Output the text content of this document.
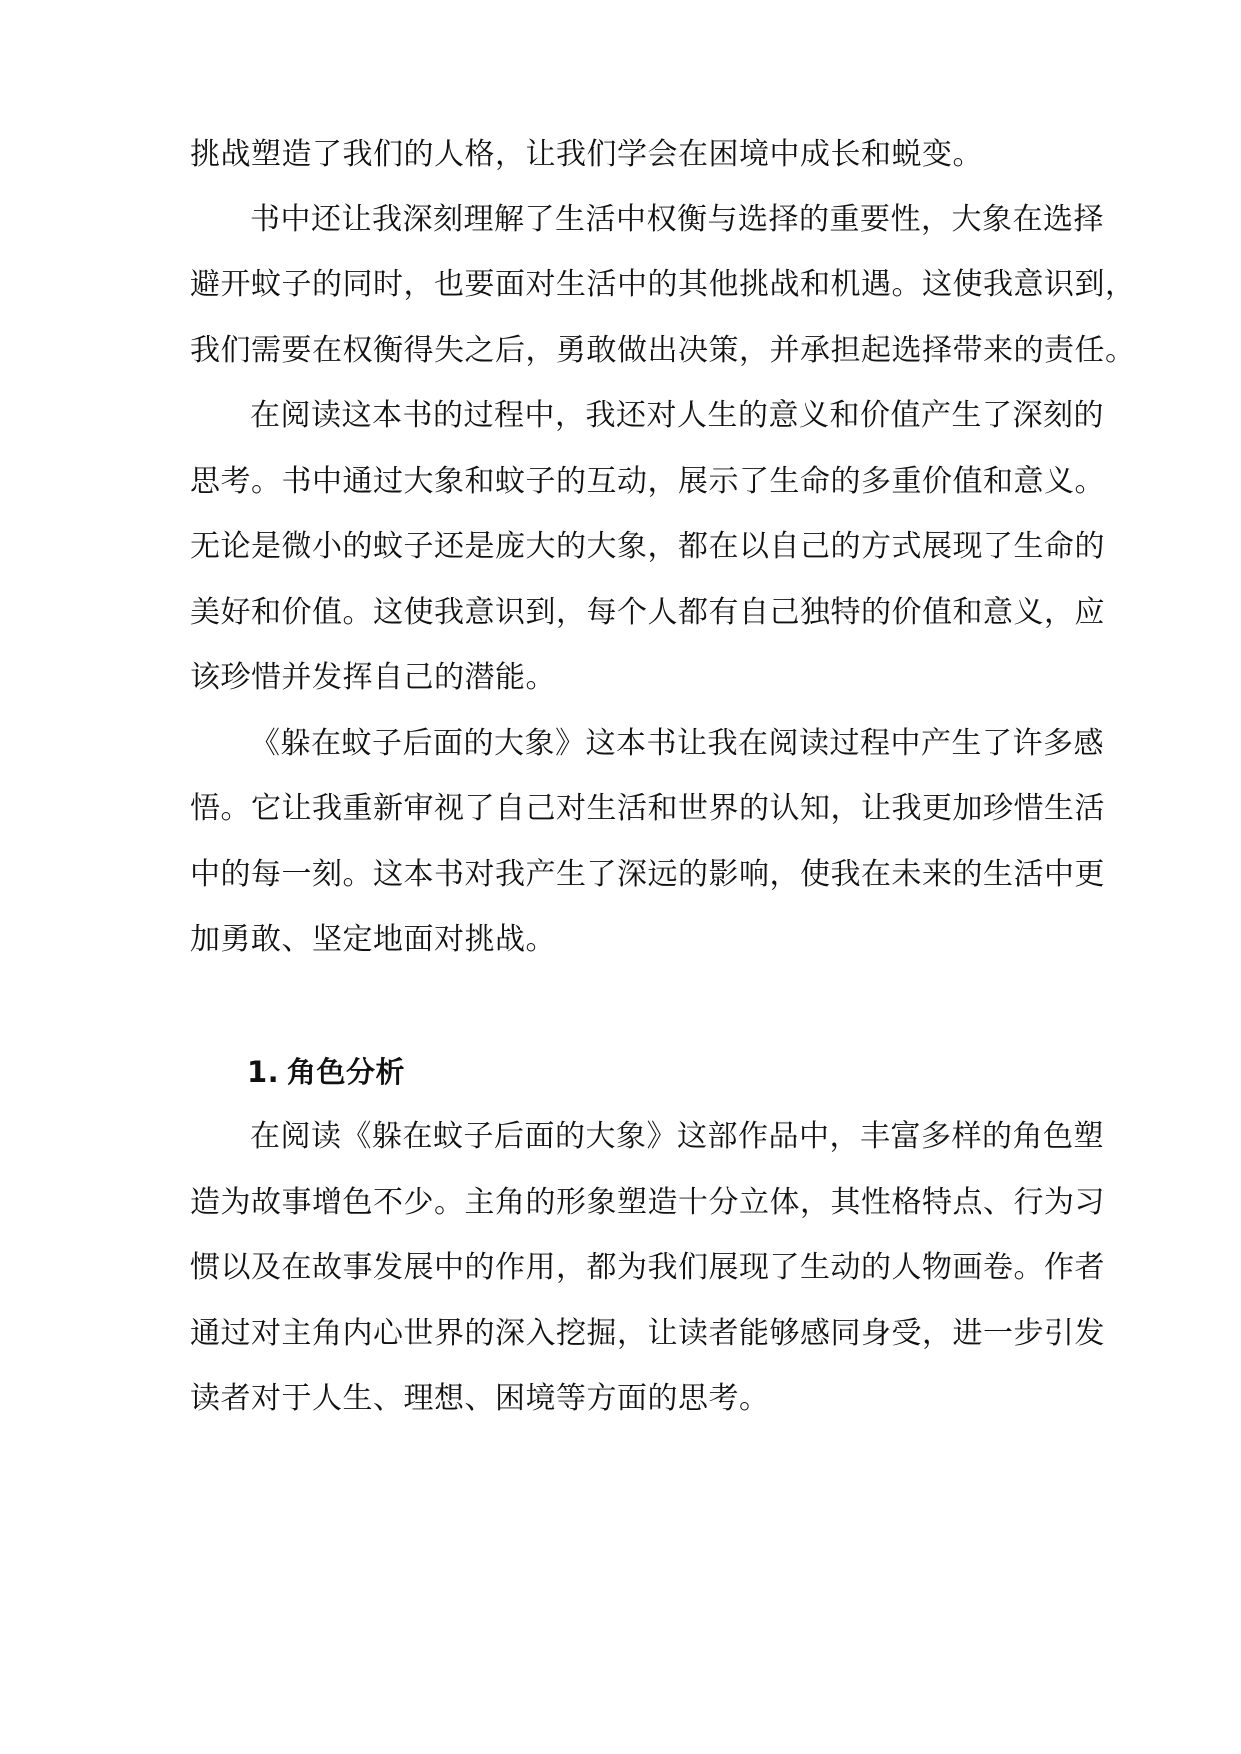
挑战塑造了我们的人格，让我们学会在困境中成长和蜕变。
书中还让我深刻理解了生活中权衡与选择的重要性，大象在选择
避开蚊子的同时，也要面对生活中的其他挑战和机遇。这使我意识到，
我们需要在权衡得失之后，勇敢做出决策，并承担起选择带来的责任。
在阅读这本书的过程中，我还对人生的意义和价值产生了深刻的
思考。书中通过大象和蚊子的互动，展示了生命的多重价值和意义。
无论是微小的蚊子还是庞大的大象，都在以自己的方式展现了生命的
美好和价值。这使我意识到，每个人都有自己独特的价值和意义，应
该珍惜并发挥自己的潜能。
《躲在蚊子后面的大象》这本书让我在阅读过程中产生了许多感
悟。它让我重新审视了自己对生活和世界的认知，让我更加珍惜生活
中的每一刻。这本书对我产生了深远的影响，使我在未来的生活中更
加勇敢、坚定地面对挑战。
1. 角色分析
在阅读《躲在蚊子后面的大象》这部作品中，丰富多样的角色塑
造为故事增色不少。主角的形象塑造十分立体，其性格特点、行为习
惯以及在故事发展中的作用，都为我们展现了生动的人物画卷。作者
通过对主角内心世界的深入挖掘，让读者能够感同身受，进一步引发
读者对于人生、理想、困境等方面的思考。
